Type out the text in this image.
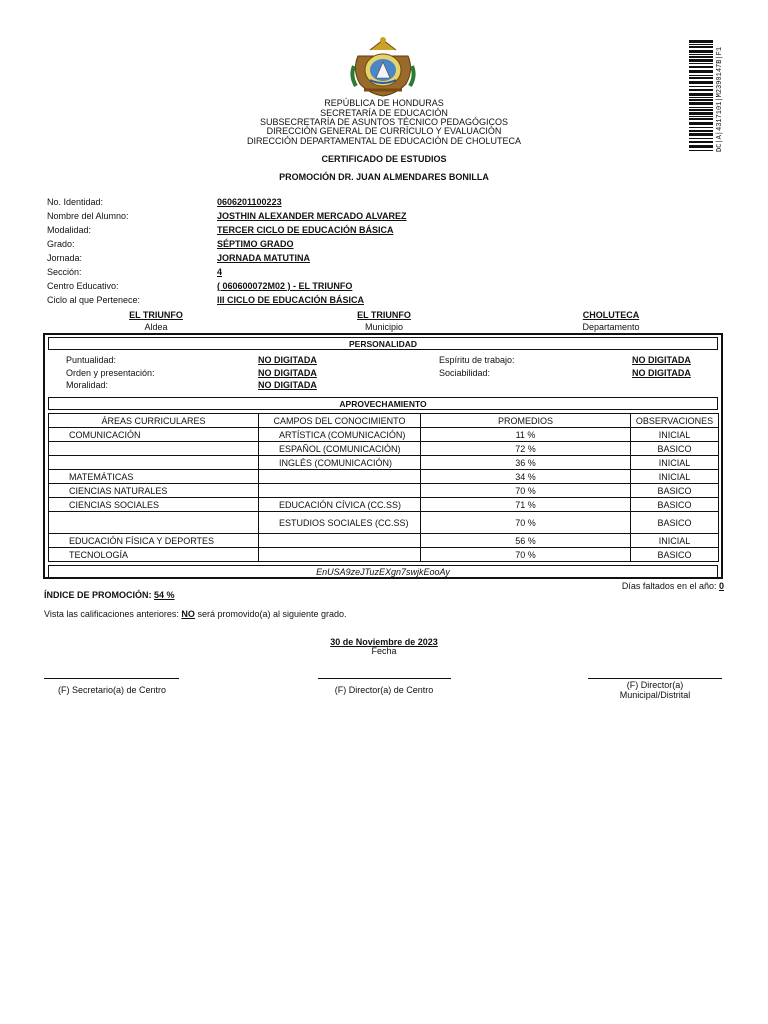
DC|A|4317101|M2390147B|F1
REPÚBLICA DE HONDURAS
SECRETARÍA DE EDUCACIÓN
SUBSECRETARÍA DE ASUNTOS TÉCNICO PEDAGÓGICOS
DIRECCIÓN GENERAL DE CURRÍCULO Y EVALUACIÓN
DIRECCIÓN DEPARTAMENTAL DE EDUCACIÓN DE CHOLUTECA
CERTIFICADO DE ESTUDIOS
PROMOCIÓN DR. JUAN ALMENDARES BONILLA
No. Identidad:	0606201100223
Nombre del Alumno:	JOSTHIN ALEXANDER MERCADO ALVAREZ
Modalidad:	TERCER CICLO DE EDUCACIÓN BÁSICA
Grado:	SÉPTIMO GRADO
Jornada:	JORNADA MATUTINA
Sección:	4
Centro Educativo:	( 060600072M02 ) - EL TRIUNFO
Ciclo al que Pertenece:	III CICLO DE EDUCACIÓN BÁSICA
EL TRIUNFO
Aldea
EL TRIUNFO
Municipio
CHOLUTECA
Departamento
PERSONALIDAD
Puntualidad:	NO DIGITADA
Orden y presentación:	NO DIGITADA
Moralidad:	NO DIGITADA
Espíritu de trabajo:	NO DIGITADA
Sociabilidad:	NO DIGITADA
APROVECHAMIENTO
ÁREAS CURRICULARES	CAMPOS DEL CONOCIMIENTO	PROMEDIOS	OBSERVACIONES
COMUNICACIÓN	ARTÍSTICA (COMUNICACIÓN)	11 %	INICIAL
	ESPAÑOL (COMUNICACIÓN)	72 %	BASICO
	INGLÉS (COMUNICACIÓN)	36 %	INICIAL
MATEMÁTICAS		34 %	INICIAL
CIENCIAS NATURALES		70 %	BASICO
CIENCIAS SOCIALES	EDUCACIÓN CÍVICA (CC.SS)	71 %	BASICO
	ESTUDIOS SOCIALES (CC.SS)	70 %	BASICO
EDUCACIÓN FÍSICA Y DEPORTES		56 %	INICIAL
TECNOLOGÍA		70 %	BASICO
EnUSA9zeJTuzEXgn7swjkEooAy
Días faltados en el año: 0
ÍNDICE DE PROMOCIÓN: 54 %
Vista las calificaciones anteriores: NO será promovido(a) al siguiente grado.
30 de Noviembre de 2023
Fecha
(F) Secretario(a) de Centro	(F) Director(a) de Centro	(F) Director(a)
Municipal/Distrital
